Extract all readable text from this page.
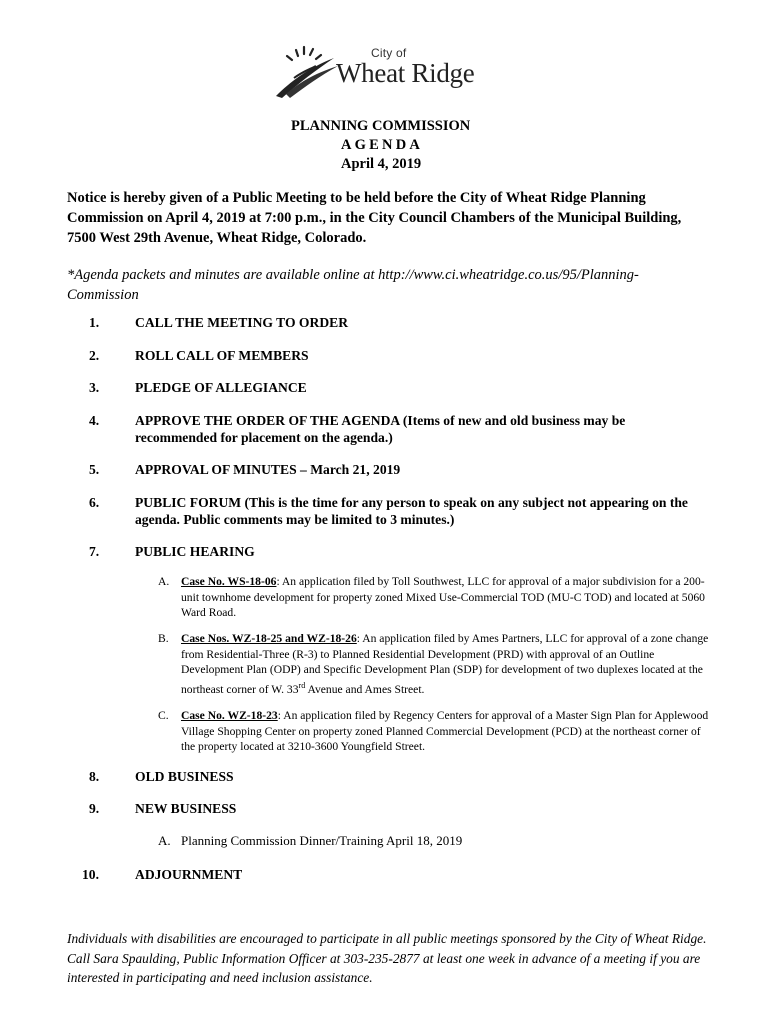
City of
Wheat Ridge
PLANNING COMMISSION
AGENDA
April 4, 2019
Notice is hereby given of a Public Meeting to be held before the City of Wheat Ridge Planning Commission on April 4, 2019 at 7:00 p.m., in the City Council Chambers of the Municipal Building, 7500 West 29th Avenue, Wheat Ridge, Colorado.
*Agenda packets and minutes are available online at http://www.ci.wheatridge.co.us/95/Planning-Commission
1.	CALL THE MEETING TO ORDER
2.	ROLL CALL OF MEMBERS
3.	PLEDGE OF ALLEGIANCE
4.	APPROVE THE ORDER OF THE AGENDA (Items of new and old business may be recommended for placement on the agenda.)
5.	APPROVAL OF MINUTES – March 21, 2019
6.	PUBLIC FORUM (This is the time for any person to speak on any subject not appearing on the agenda. Public comments may be limited to 3 minutes.)
7.	PUBLIC HEARING
A. Case No. WS-18-06: An application filed by Toll Southwest, LLC for approval of a major subdivision for a 200-unit townhome development for property zoned Mixed Use-Commercial TOD (MU-C TOD) and located at 5060 Ward Road.
B. Case Nos. WZ-18-25 and WZ-18-26: An application filed by Ames Partners, LLC for approval of a zone change from Residential-Three (R-3) to Planned Residential Development (PRD) with approval of an Outline Development Plan (ODP) and Specific Development Plan (SDP) for development of two duplexes located at the northeast corner of W. 33rd Avenue and Ames Street.
C. Case No. WZ-18-23: An application filed by Regency Centers for approval of a Master Sign Plan for Applewood Village Shopping Center on property zoned Planned Commercial Development (PCD) at the northeast corner of the property located at 3210-3600 Youngfield Street.
8.	OLD BUSINESS
9.	NEW BUSINESS
A. Planning Commission Dinner/Training April 18, 2019
10.	ADJOURNMENT
Individuals with disabilities are encouraged to participate in all public meetings sponsored by the City of Wheat Ridge. Call Sara Spaulding, Public Information Officer at 303-235-2877 at least one week in advance of a meeting if you are interested in participating and need inclusion assistance.
